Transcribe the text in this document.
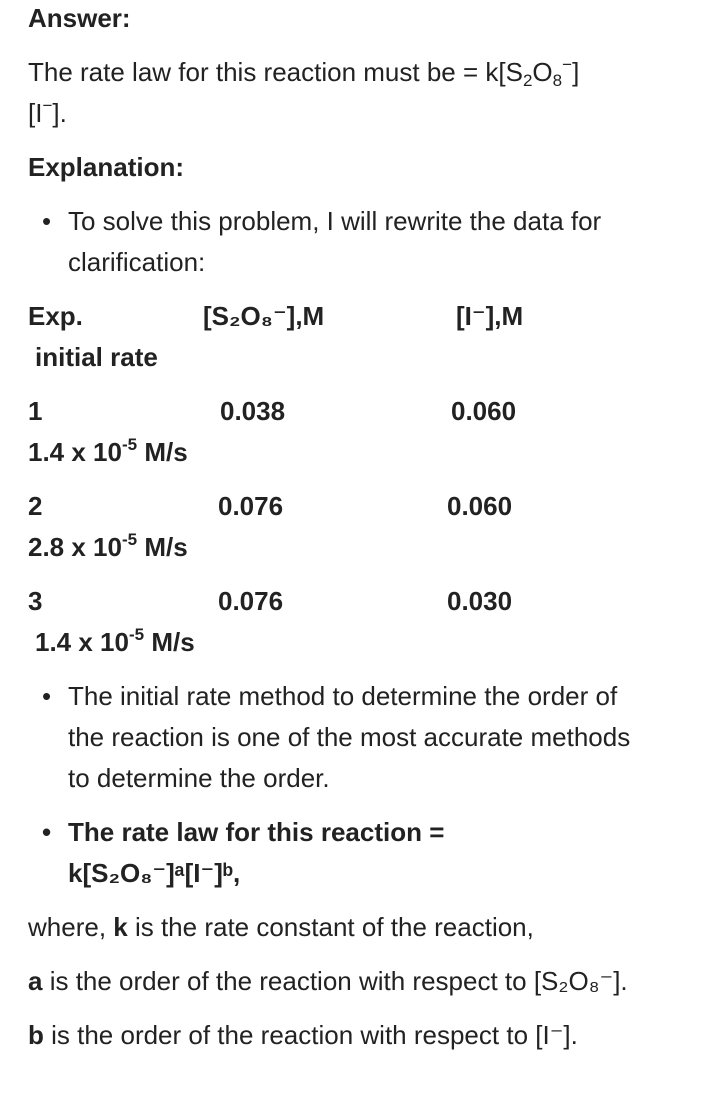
Answer:
The rate law for this reaction must be = $k[S_2O_8^-]$
[I−].
Explanation:
• To solve this problem, I will rewrite the data for clarification:
Exp.	[S₂O₈⁻],M	[I⁻],M
initial rate
1	0.038	0.060
1.4 x $10^{-5}$ M/s
2	0.076	0.060
2.8 x $10^{-5}$ M/s
3	0.076	0.030
1.4 x $10^{-5}$ M/s
• The initial rate method to determine the order of the reaction is one of the most accurate methods to determine the order.
• The rate law for this reaction =
k[S₂O₈⁻]ᵃ[I⁻]ᵇ,
where, k is the rate constant of the reaction,
a is the order of the reaction with respect to [S₂O₈⁻].
b is the order of the reaction with respect to [I⁻].
